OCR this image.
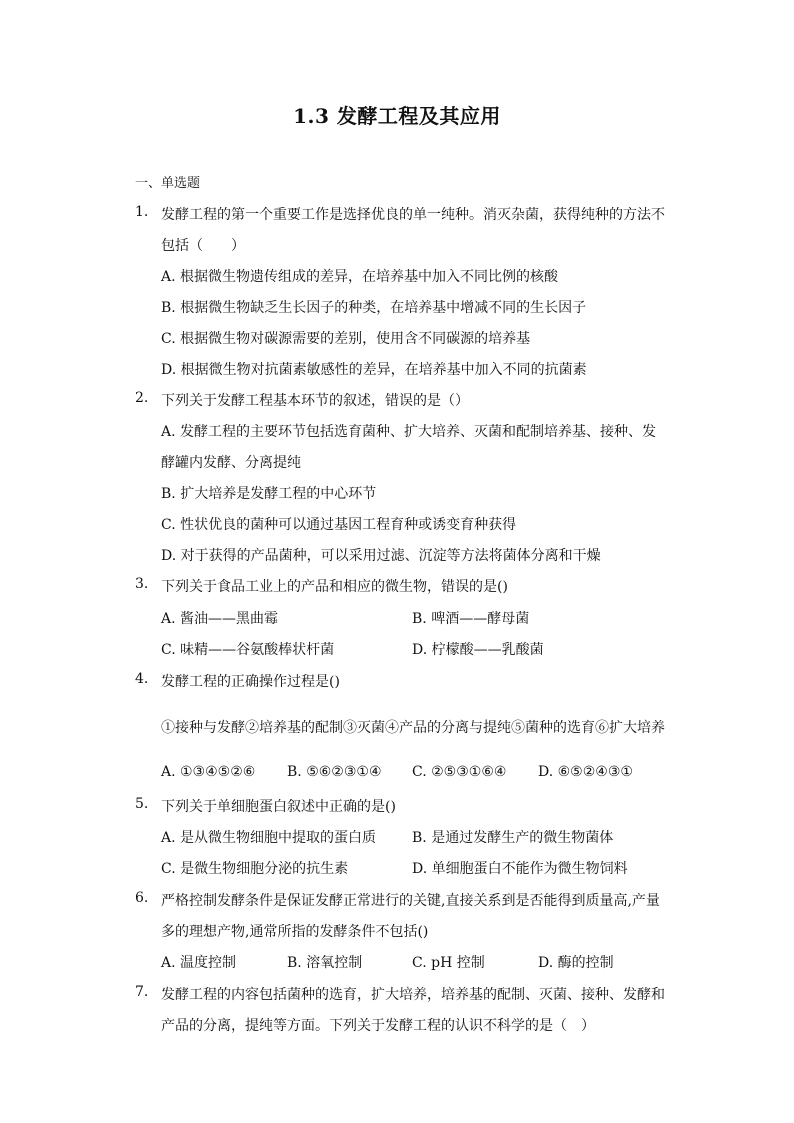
1.3 发酵工程及其应用
一、单选题
1. 发酵工程的第一个重要工作是选择优良的单一纯种。消灭杂菌，获得纯种的方法不
包括（　　）
A. 根据微生物遗传组成的差异，在培养基中加入不同比例的核酸
B. 根据微生物缺乏生长因子的种类，在培养基中增减不同的生长因子
C. 根据微生物对碳源需要的差别，使用含不同碳源的培养基
D. 根据微生物对抗菌素敏感性的差异，在培养基中加入不同的抗菌素
2. 下列关于发酵工程基本环节的叙述，错误的是（）
A. 发酵工程的主要环节包括选育菌种、扩大培养、灭菌和配制培养基、接种、发
酵罐内发酵、分离提纯
B. 扩大培养是发酵工程的中心环节
C. 性状优良的菌种可以通过基因工程育种或诱变育种获得
D. 对于获得的产品菌种，可以采用过滤、沉淀等方法将菌体分离和干燥
3. 下列关于食品工业上的产品和相应的微生物，错误的是()
A. 酱油——黑曲霉	B. 啤酒——酵母菌
C. 味精——谷氨酸棒状杆菌	D. 柠檬酸——乳酸菌
4. 发酵工程的正确操作过程是()
①接种与发酵②培养基的配制③灭菌④产品的分离与提纯⑤菌种的选育⑥扩大培养
A. ①③④⑤②⑥ B. ⑤⑥②③①④ C. ②⑤③①⑥④ D. ⑥⑤②④③①
5. 下列关于单细胞蛋白叙述中正确的是()
A. 是从微生物细胞中提取的蛋白质	B. 是通过发酵生产的微生物菌体
C. 是微生物细胞分泌的抗生素	D. 单细胞蛋白不能作为微生物饲料
6. 严格控制发酵条件是保证发酵正常进行的关键,直接关系到是否能得到质量高,产量
多的理想产物,通常所指的发酵条件不包括()
A. 温度控制	B. 溶氧控制	C. pH 控制	D. 酶的控制
7. 发酵工程的内容包括菌种的选育，扩大培养，培养基的配制、灭菌、接种、发酵和
产品的分离，提纯等方面。下列关于发酵工程的认识不科学的是（　）
